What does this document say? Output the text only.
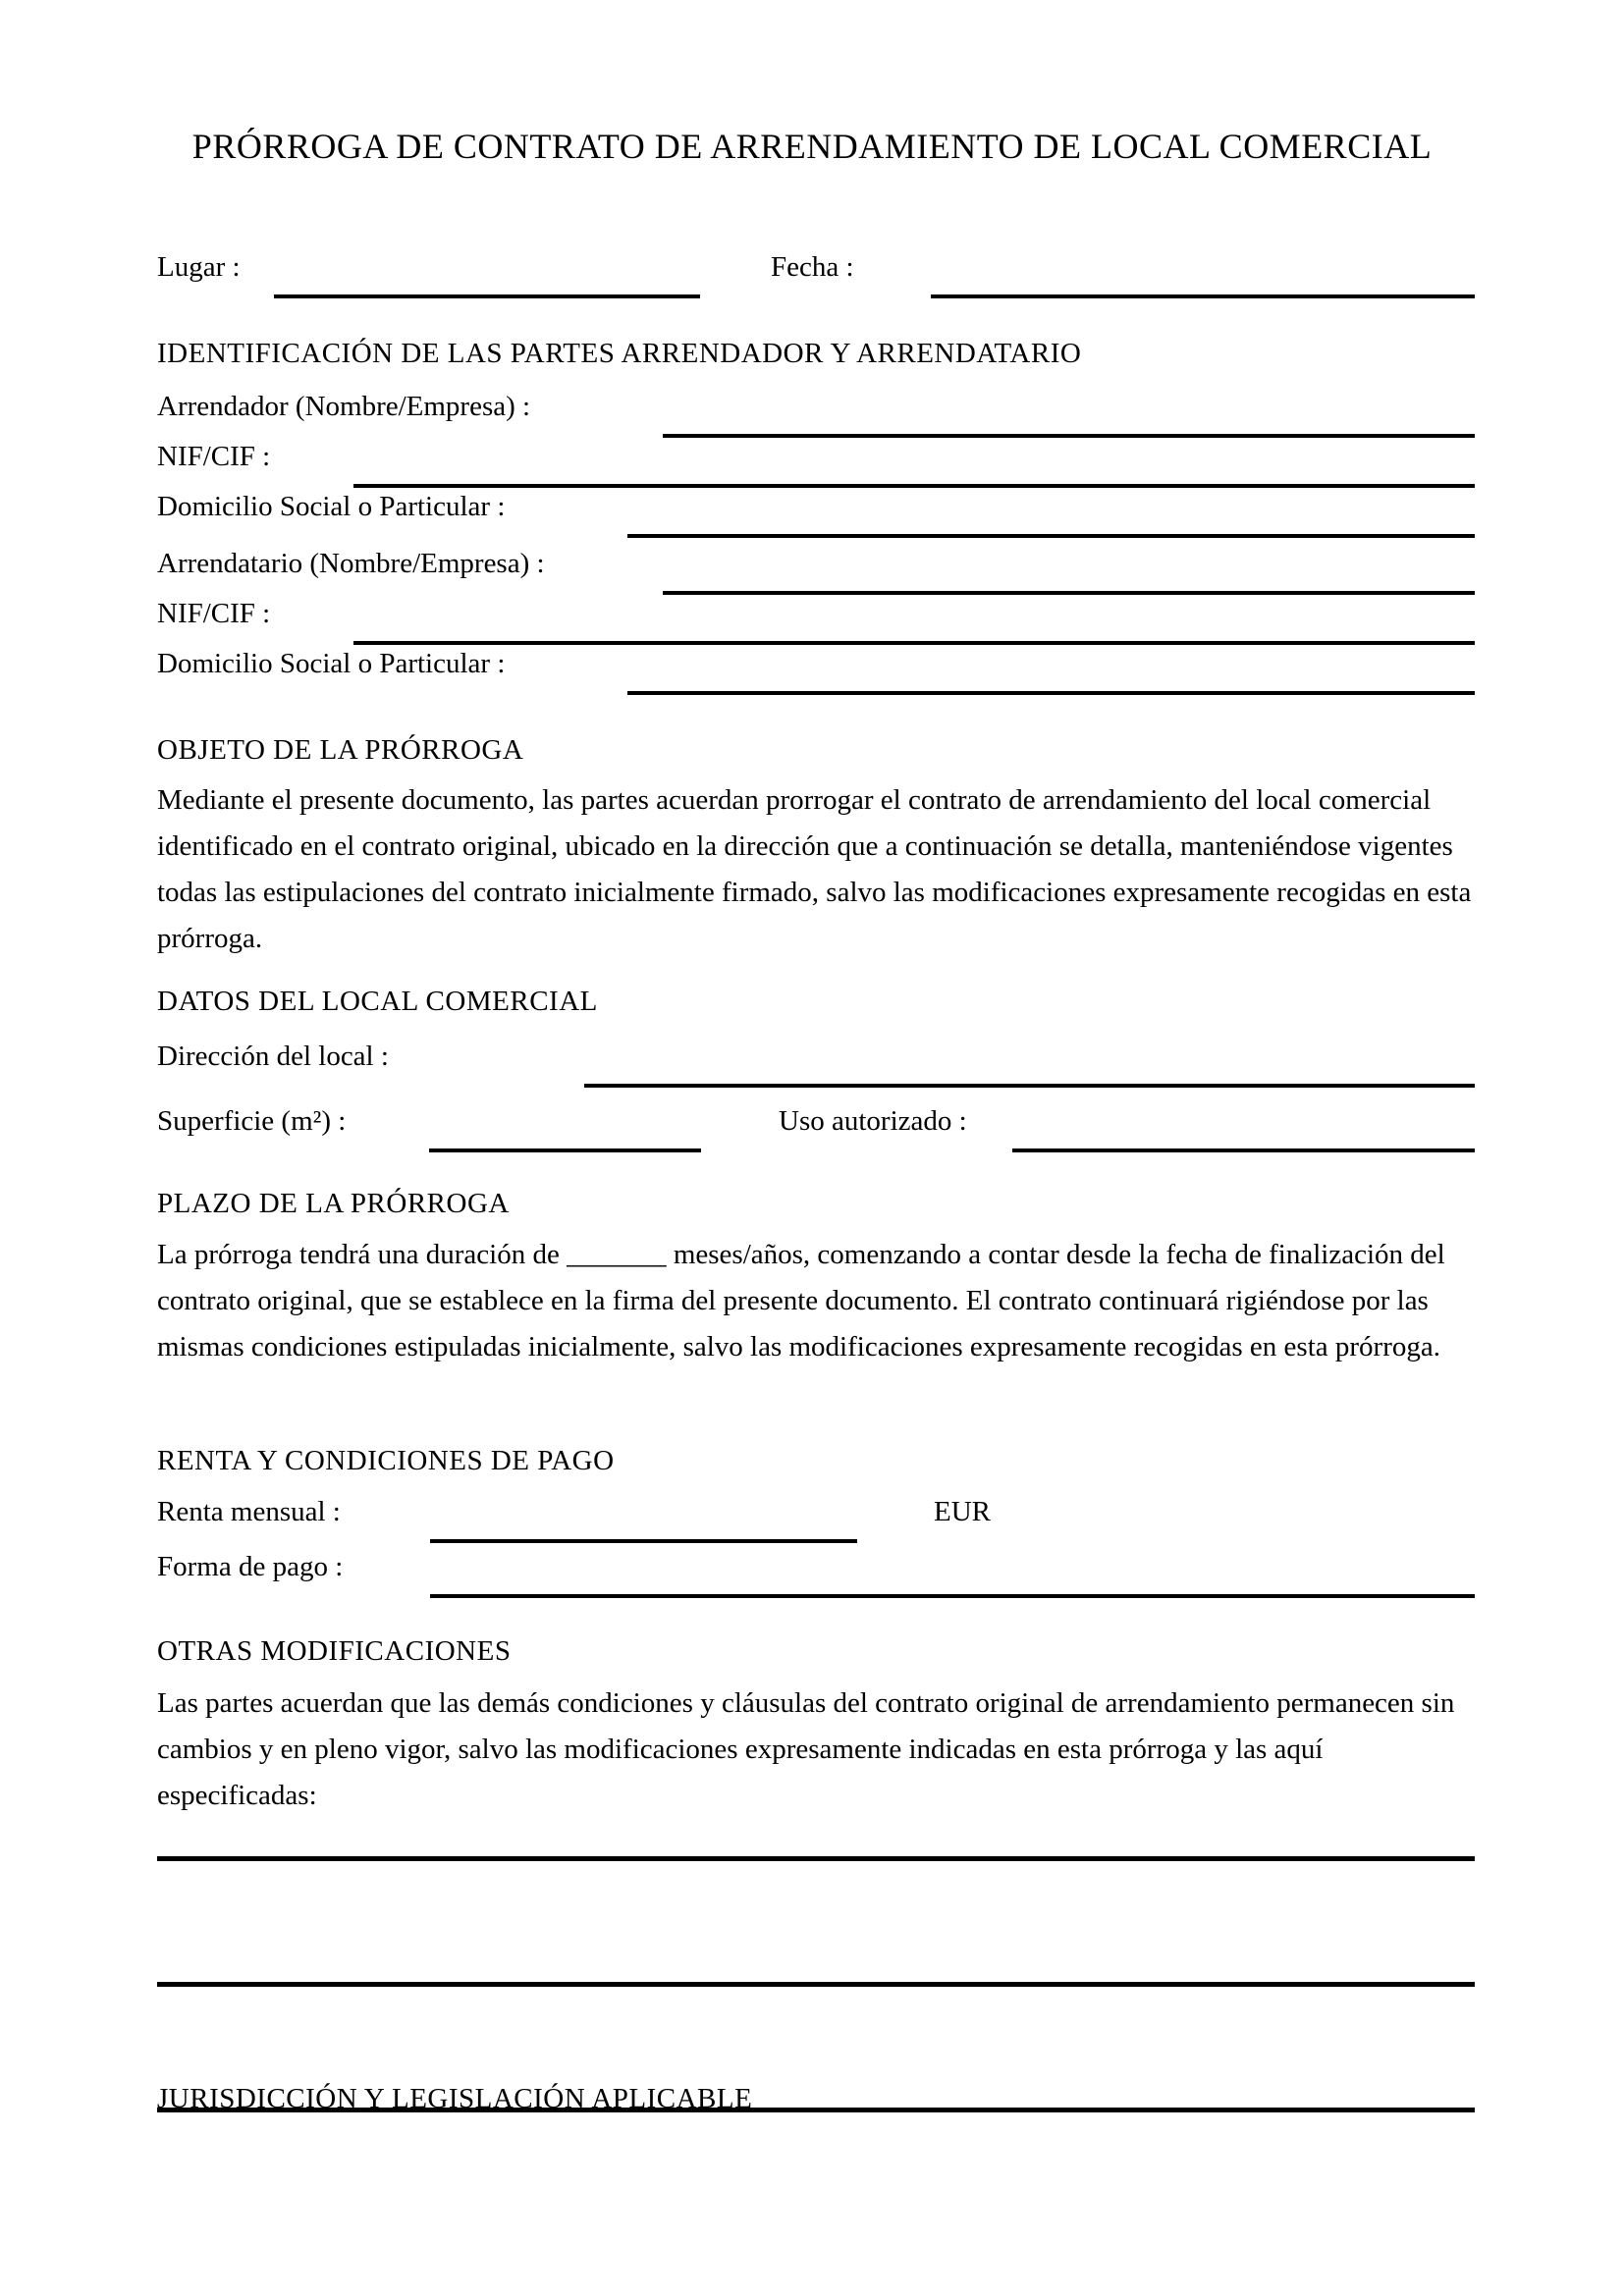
PRÓRROGA DE CONTRATO DE ARRENDAMIENTO DE LOCAL COMERCIAL
Lugar :	Fecha :
IDENTIFICACIÓN DE LAS PARTES ARRENDADOR Y ARRENDATARIO
Arrendador (Nombre/Empresa) :
NIF/CIF :
Domicilio Social o Particular :
Arrendatario (Nombre/Empresa) :
NIF/CIF :
Domicilio Social o Particular :
OBJETO DE LA PRÓRROGA
Mediante el presente documento, las partes acuerdan prorrogar el contrato de arrendamiento del local comercial identificado en el contrato original, ubicado en la dirección que a continuación se detalla, manteniéndose vigentes todas las estipulaciones del contrato inicialmente firmado, salvo las modificaciones expresamente recogidas en esta prórroga.
DATOS DEL LOCAL COMERCIAL
Dirección del local :
Superficie (m²) :	Uso autorizado :
PLAZO DE LA PRÓRROGA
La prórroga tendrá una duración de _______ meses/años, comenzando a contar desde la fecha de finalización del contrato original, que se establece en la firma del presente documento. El contrato continuará rigiéndose por las mismas condiciones estipuladas inicialmente, salvo las modificaciones expresamente recogidas en esta prórroga.
RENTA Y CONDICIONES DE PAGO
Renta mensual :	EUR
Forma de pago :
OTRAS MODIFICACIONES
Las partes acuerdan que las demás condiciones y cláusulas del contrato original de arrendamiento permanecen sin cambios y en pleno vigor, salvo las modificaciones expresamente indicadas en esta prórroga y las aquí especificadas:
JURISDICCIÓN Y LEGISLACIÓN APLICABLE
